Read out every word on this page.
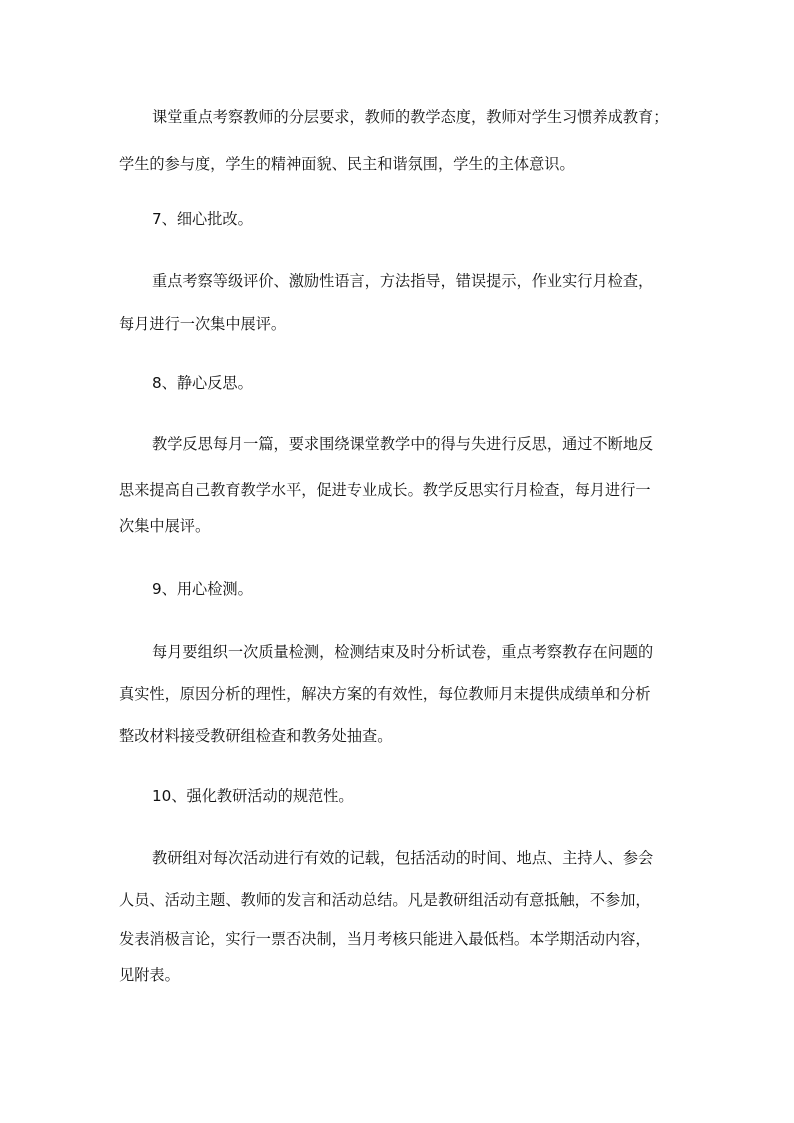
课堂重点考察教师的分层要求，教师的教学态度，教师对学生习惯养成教育；
学生的参与度，学生的精神面貌、民主和谐氛围，学生的主体意识。
7、细心批改。
重点考察等级评价、激励性语言，方法指导，错误提示，作业实行月检查，
每月进行一次集中展评。
8、静心反思。
教学反思每月一篇，要求围绕课堂教学中的得与失进行反思，通过不断地反
思来提高自己教育教学水平，促进专业成长。教学反思实行月检查，每月进行一
次集中展评。
9、用心检测。
每月要组织一次质量检测，检测结束及时分析试卷，重点考察教存在问题的
真实性，原因分析的理性，解决方案的有效性，每位教师月末提供成绩单和分析
整改材料接受教研组检查和教务处抽查。
10、强化教研活动的规范性。
教研组对每次活动进行有效的记载，包括活动的时间、地点、主持人、参会
人员、活动主题、教师的发言和活动总结。凡是教研组活动有意抵触，不参加，
发表消极言论，实行一票否决制，当月考核只能进入最低档。本学期活动内容，
见附表。
